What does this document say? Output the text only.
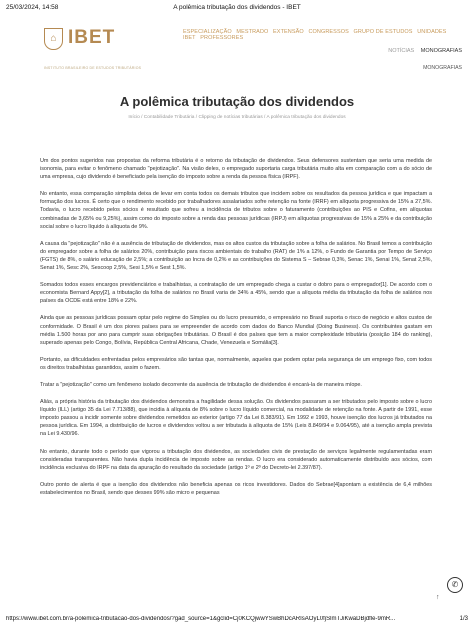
25/03/2024, 14:58	A polêmica tributação dos dividendos - IBET
⌂ IBET
INSTITUTO BRASILEIRO DE ESTUDOS TRIBUTÁRIOS
ESPECIALIZAÇÃO MESTRADO EXTENSÃO CONGRESSOS GRUPO DE ESTUDOS UNIDADES IBET PROFESSORES
NOTÍCIAS MONOGRAFIAS
MONOGRAFIAS
A polêmica tributação dos dividendos
Início / Contabilidade Tributária / Clipping de notícias tributárias / A polêmica tributação dos dividendos

Um dos pontos sugeridos nas propostas da reforma tributária é o retorno da tributação de dividendos. Seus defensores sustentam que seria uma medida de isonomia, para evitar o fenômeno chamado "pejotização". Na visão deles, o empregado suportaria carga tributária muito alta em comparação com a do sócio de uma empresa, cujo dividendo é beneficiado pela isenção do imposto sobre a renda da pessoa física (IRPF).

No entanto, essa comparação simplista deixa de levar em conta todos os demais tributos que incidem sobre os resultados da pessoa jurídica e que impactam a formação dos lucros. É certo que o rendimento recebido por trabalhadores assalariados sofre retenção na fonte (IRRF) em alíquota progressiva de 15% a 27,5%. Todavia, o lucro recebido pelos sócios é resultado que sofreu a incidência de tributos sobre o faturamento (contribuições ao PIS e Cofins, em alíquotas combinadas de 3,65% ou 9,25%), assim como do imposto sobre a renda das pessoas jurídicas (IRPJ) em alíquotas progressivas de 15% a 25% e da contribuição social sobre o lucro líquido à alíquota de 9%.

A causa da "pejotização" não é a ausência de tributação de dividendos, mas os altos custos da tributação sobre a folha de salários. No Brasil temos a contribuição do empregador sobre a folha de salários 20%, contribuição para riscos ambientais do trabalho (RAT) de 1% a 12%, o Fundo de Garantia por Tempo de Serviço (FGTS) de 8%, o salário educação de 2,5%; a contribuição ao Incra de 0,2% e as contribuições do Sistema S – Sebrae 0,3%, Senac 1%, Senai 1%, Senat 2,5%, Senat 1%, Sesc 2%, Sescoop 2,5%, Sesi 1,5% e Sest 1,5%.

Somados todos esses encargos previdenciários e trabalhistas, a contratação de um empregado chega a custar o dobro para o empregador[1]. De acordo com o economista Bernard Appy[2], a tributação da folha de salários no Brasil varia de 34% a 45%, sendo que a alíquota média da tributação da folha de salários nos países da OCDE está entre 18% e 22%.

Ainda que as pessoas jurídicas possam optar pelo regime do Simples ou do lucro presumido, o empresário no Brasil suporta o risco de negócio e altos custos de conformidade. O Brasil é um dos piores países para se empreender de acordo com dados do Banco Mundial (Doing Business). Os contribuintes gastam em média 1.500 horas por ano para cumprir suas obrigações tributárias. O Brasil é dos países que tem a maior complexidade tributária (posição 184 do ranking), superado apenas pelo Congo, Bolívia, República Central Africana, Chade, Venezuela e Somália[3].

Portanto, as dificuldades enfrentadas pelos empresários são tantas que, normalmente, aqueles que podem optar pela segurança de um emprego fixo, com todos os direitos trabalhistas garantidos, assim o fazem.

Tratar a "pejotização" como um fenômeno isolado decorrente da ausência de tributação de dividendos é encará-la de maneira míope.

Aliás, a própria história da tributação dos dividendos demonstra a fragilidade dessa solução. Os dividendos passaram a ser tributados pelo imposto sobre o lucro líquido (ILL) (artigo 35 da Lei 7.713/88), que incidia à alíquota de 8% sobre o lucro líquido comercial, na modalidade de retenção na fonte. A partir de 1991, esse imposto passou a incidir somente sobre dividendos remetidos ao exterior (artigo 77 da Lei 8.383/91). Em 1992 e 1993, houve isenção dos lucros já tributados na pessoa jurídica. Em 1994, a distribuição de lucros e dividendos voltou a ser tributada à alíquota de 15% (Leis 8.849/94 e 9.064/95), até a isenção ampla prevista na Lei 9.430/96.

No entanto, durante todo o período que vigorou a tributação dos dividendos, as sociedades civis de prestação de serviços legalmente regulamentadas eram consideradas transparentes. Não havia dupla incidência de imposto sobre as rendas. O lucro era considerado automaticamente distribuído aos sócios, com incidência exclusiva do IRPF na data da apuração do resultado da sociedade (artigo 1º e 2º do Decreto-lei 2.397/87).

Outro ponto de alerta é que a isenção dos dividendos não beneficia apenas os ricos investidores. Dados do Sebrae[4]apontam a existência de 6,4 milhões estabelecimentos no Brasil, sendo que desses 99% são micro e pequenas

✆
↑
https://www.ibet.com.br/a-polemica-tributacao-dos-dividendos/?gad_source=1&gclid=Cj0KCQjwwYSwBhDcARIsAOyL0fjSlmTJiKwaDBjdfle-9mR...	1/3
